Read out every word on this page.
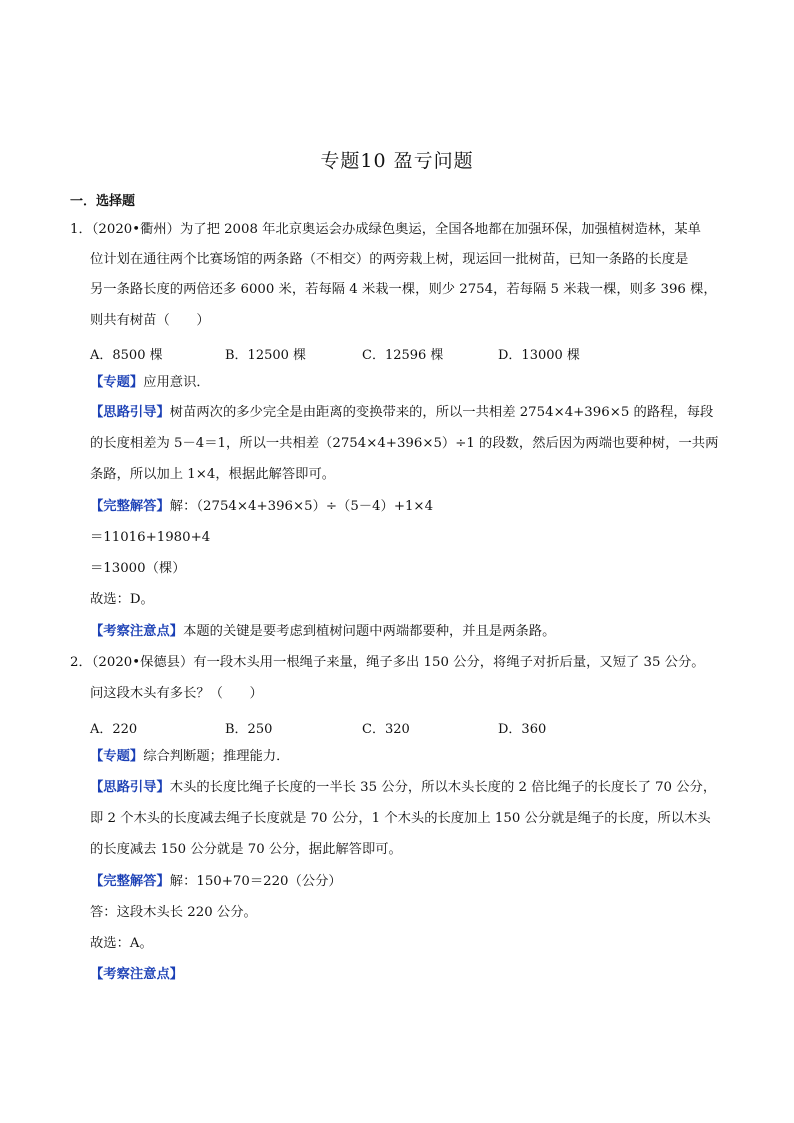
专题10 盈亏问题
一．选择题
1．（2020•衢州）为了把 2008 年北京奥运会办成绿色奥运，全国各地都在加强环保，加强植树造林，某单
位计划在通往两个比赛场馆的两条路（不相交）的两旁栽上树，现运回一批树苗，已知一条路的长度是
另一条路长度的两倍还多 6000 米，若每隔 4 米栽一棵，则少 2754，若每隔 5 米栽一棵，则多 396 棵，
则共有树苗（　　）
A．8500 棵	B．12500 棵	C．12596 棵	D．13000 棵
【专题】应用意识．
【思路引导】树苗两次的多少完全是由距离的变换带来的，所以一共相差 2754×4+396×5 的路程，每段
的长度相差为 5－4＝1，所以一共相差（2754×4+396×5）÷1 的段数，然后因为两端也要种树，一共两
条路，所以加上 1×4，根据此解答即可。
【完整解答】解：（2754×4+396×5）÷（5－4）+1×4
＝11016+1980+4
＝13000（棵）
故选：D。
【考察注意点】本题的关键是要考虑到植树问题中两端都要种，并且是两条路。
2．（2020•保德县）有一段木头用一根绳子来量，绳子多出 150 公分，将绳子对折后量，又短了 35 公分。
问这段木头有多长？（　　）
A．220	B．250	C．320	D．360
【专题】综合判断题；推理能力．
【思路引导】木头的长度比绳子长度的一半长 35 公分，所以木头长度的 2 倍比绳子的长度长了 70 公分，
即 2 个木头的长度减去绳子长度就是 70 公分，1 个木头的长度加上 150 公分就是绳子的长度，所以木头
的长度减去 150 公分就是 70 公分，据此解答即可。
【完整解答】解：150+70＝220（公分）
答：这段木头长 220 公分。
故选：A。
【考察注意点】
